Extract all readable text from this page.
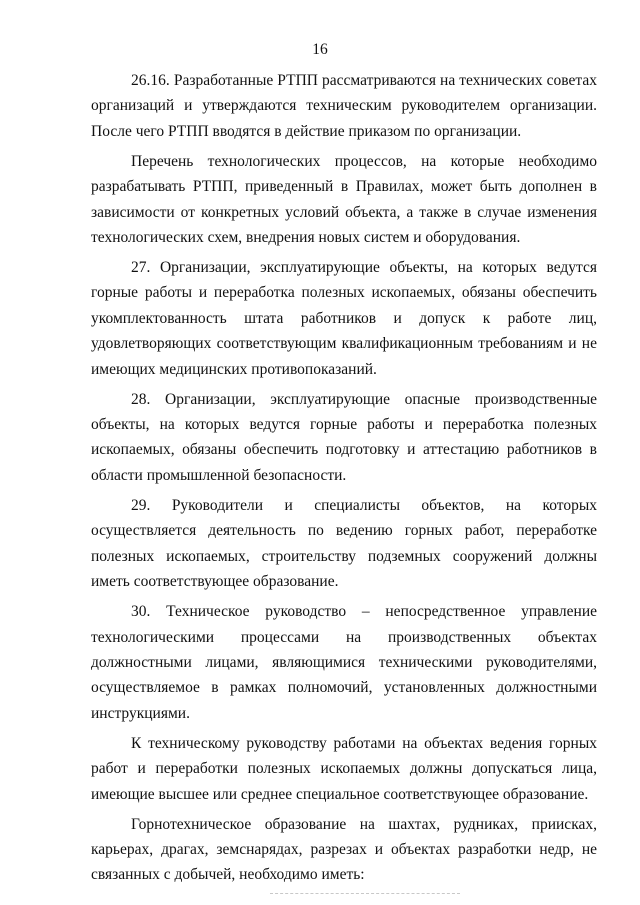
16

26.16. Разработанные РТПП рассматриваются на технических советах организаций и утверждаются техническим руководителем организации. После чего РТПП вводятся в действие приказом по организации.

Перечень технологических процессов, на которые необходимо разрабатывать РТПП, приведенный в Правилах, может быть дополнен в зависимости от конкретных условий объекта, а также в случае изменения технологических схем, внедрения новых систем и оборудования.

27. Организации, эксплуатирующие объекты, на которых ведутся горные работы и переработка полезных ископаемых, обязаны обеспечить укомплектованность штата работников и допуск к работе лиц, удовлетворяющих соответствующим квалификационным требованиям и не имеющих медицинских противопоказаний.

28. Организации, эксплуатирующие опасные производственные объекты, на которых ведутся горные работы и переработка полезных ископаемых, обязаны обеспечить подготовку и аттестацию работников в области промышленной безопасности.

29. Руководители и специалисты объектов, на которых осуществляется деятельность по ведению горных работ, переработке полезных ископаемых, строительству подземных сооружений должны иметь соответствующее образование.

30. Техническое руководство – непосредственное управление технологическими процессами на производственных объектах должностными лицами, являющимися техническими руководителями, осуществляемое в рамках полномочий, установленных должностными инструкциями.

К техническому руководству работами на объектах ведения горных работ и переработки полезных ископаемых должны допускаться лица, имеющие высшее или среднее специальное соответствующее образование.

Горнотехническое образование на шахтах, рудниках, приисках, карьерах, драгах, земснарядах, разрезах и объектах разработки недр, не связанных с добычей, необходимо иметь:
